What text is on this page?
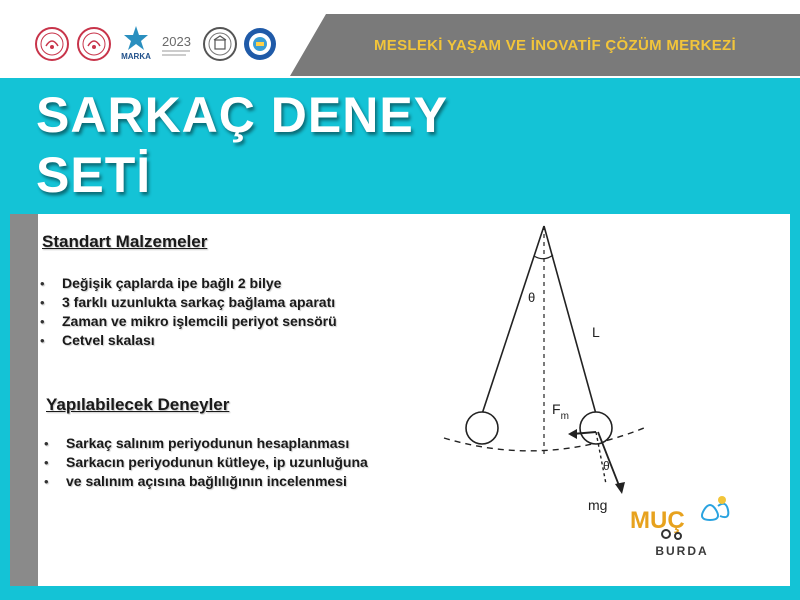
MARKA
2023	MESLEKİ YAŞAM VE İNOVATİF ÇÖZÜM MERKEZİ
SARKAÇ DENEY
SETİ
Standart Malzemeler
• Değişik çaplarda ipe bağlı 2 bilye
• 3 farklı uzunlukta sarkaç bağlama aparatı
• Zaman ve mikro işlemcili periyot sensörü
• Cetvel skalası
Yapılabilecek Deneyler
• Sarkaç salınım periyodunun hesaplanması
• Sarkacın periyodunun kütleye, ip uzunluğuna
• ve salınım açısına bağlılığının incelenmesi
θ
L
$F_m$
θ
mg
MUÇ
BURDA
